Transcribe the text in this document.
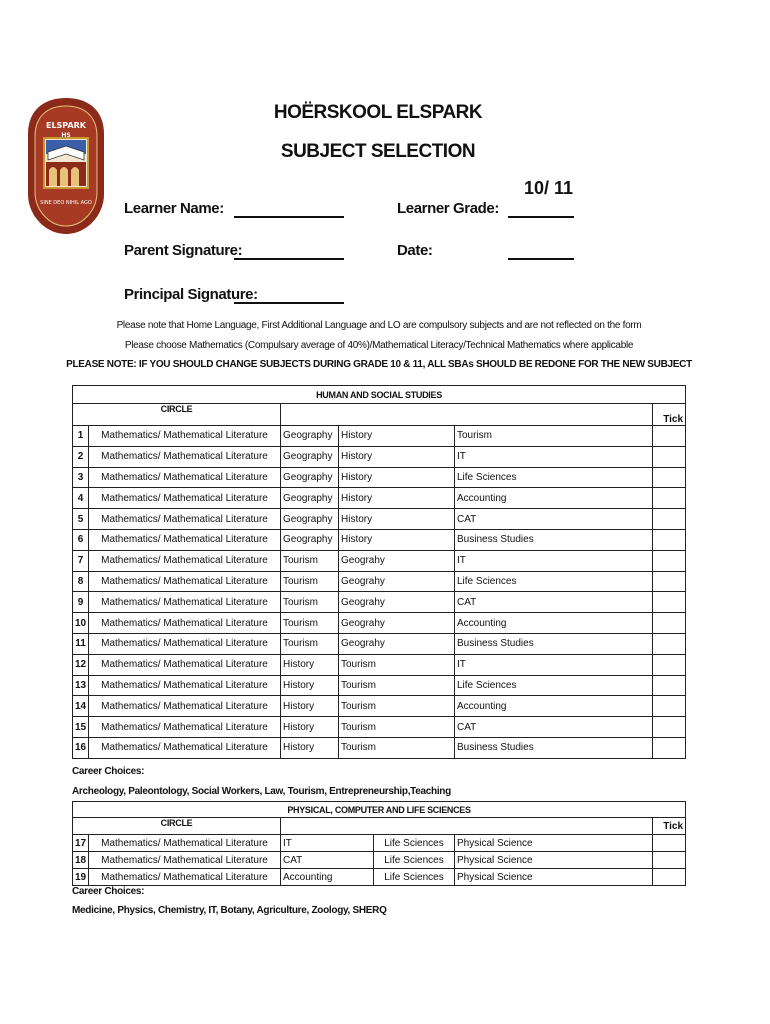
ELSPARK
HS
SINE DEO NIHIL AGO
HOËRSKOOL ELSPARK
SUBJECT SELECTION
10/ 11
Learner Name:	Learner Grade:
Parent Signature:	Date:
Principal Signature:
Please note that Home Language, First Additional Language and LO are compulsory subjects and are not reflected on the form
Please choose Mathematics (Compulsary average of 40%)/Mathematical Literacy/Technical Mathematics where applicable
PLEASE NOTE: IF YOU SHOULD CHANGE SUBJECTS DURING GRADE 10 & 11, ALL SBAs SHOULD BE REDONE FOR THE NEW SUBJECT
HUMAN AND SOCIAL STUDIES					
CIRCLE					Tick
1	Mathematics/ Mathematical Literature	Geography	History	Tourism	
2	Mathematics/ Mathematical Literature	Geography	History	IT	
3	Mathematics/ Mathematical Literature	Geography	History	Life Sciences	
4	Mathematics/ Mathematical Literature	Geography	History	Accounting	
5	Mathematics/ Mathematical Literature	Geography	History	CAT	
6	Mathematics/ Mathematical Literature	Geography	History	Business Studies	
7	Mathematics/ Mathematical Literature	Tourism	Geograhy	IT	
8	Mathematics/ Mathematical Literature	Tourism	Geograhy	Life Sciences	
9	Mathematics/ Mathematical Literature	Tourism	Geograhy	CAT	
10	Mathematics/ Mathematical Literature	Tourism	Geograhy	Accounting	
11	Mathematics/ Mathematical Literature	Tourism	Geograhy	Business Studies	
12	Mathematics/ Mathematical Literature	History	Tourism	IT	
13	Mathematics/ Mathematical Literature	History	Tourism	Life Sciences	
14	Mathematics/ Mathematical Literature	History	Tourism	Accounting	
15	Mathematics/ Mathematical Literature	History	Tourism	CAT	
16	Mathematics/ Mathematical Literature	History	Tourism	Business Studies	
Career Choices:
Archeology, Paleontology, Social Workers, Law, Tourism, Entrepreneurship,Teaching
PHYSICAL, COMPUTER AND LIFE SCIENCES					
CIRCLE					Tick
17	Mathematics/ Mathematical Literature	IT	Life Sciences	Physical Science	
18	Mathematics/ Mathematical Literature	CAT	Life Sciences	Physical Science	
19	Mathematics/ Mathematical Literature	Accounting	Life Sciences	Physical Science	
Career Choices:
Medicine, Physics, Chemistry, IT, Botany, Agriculture, Zoology, SHERQ
